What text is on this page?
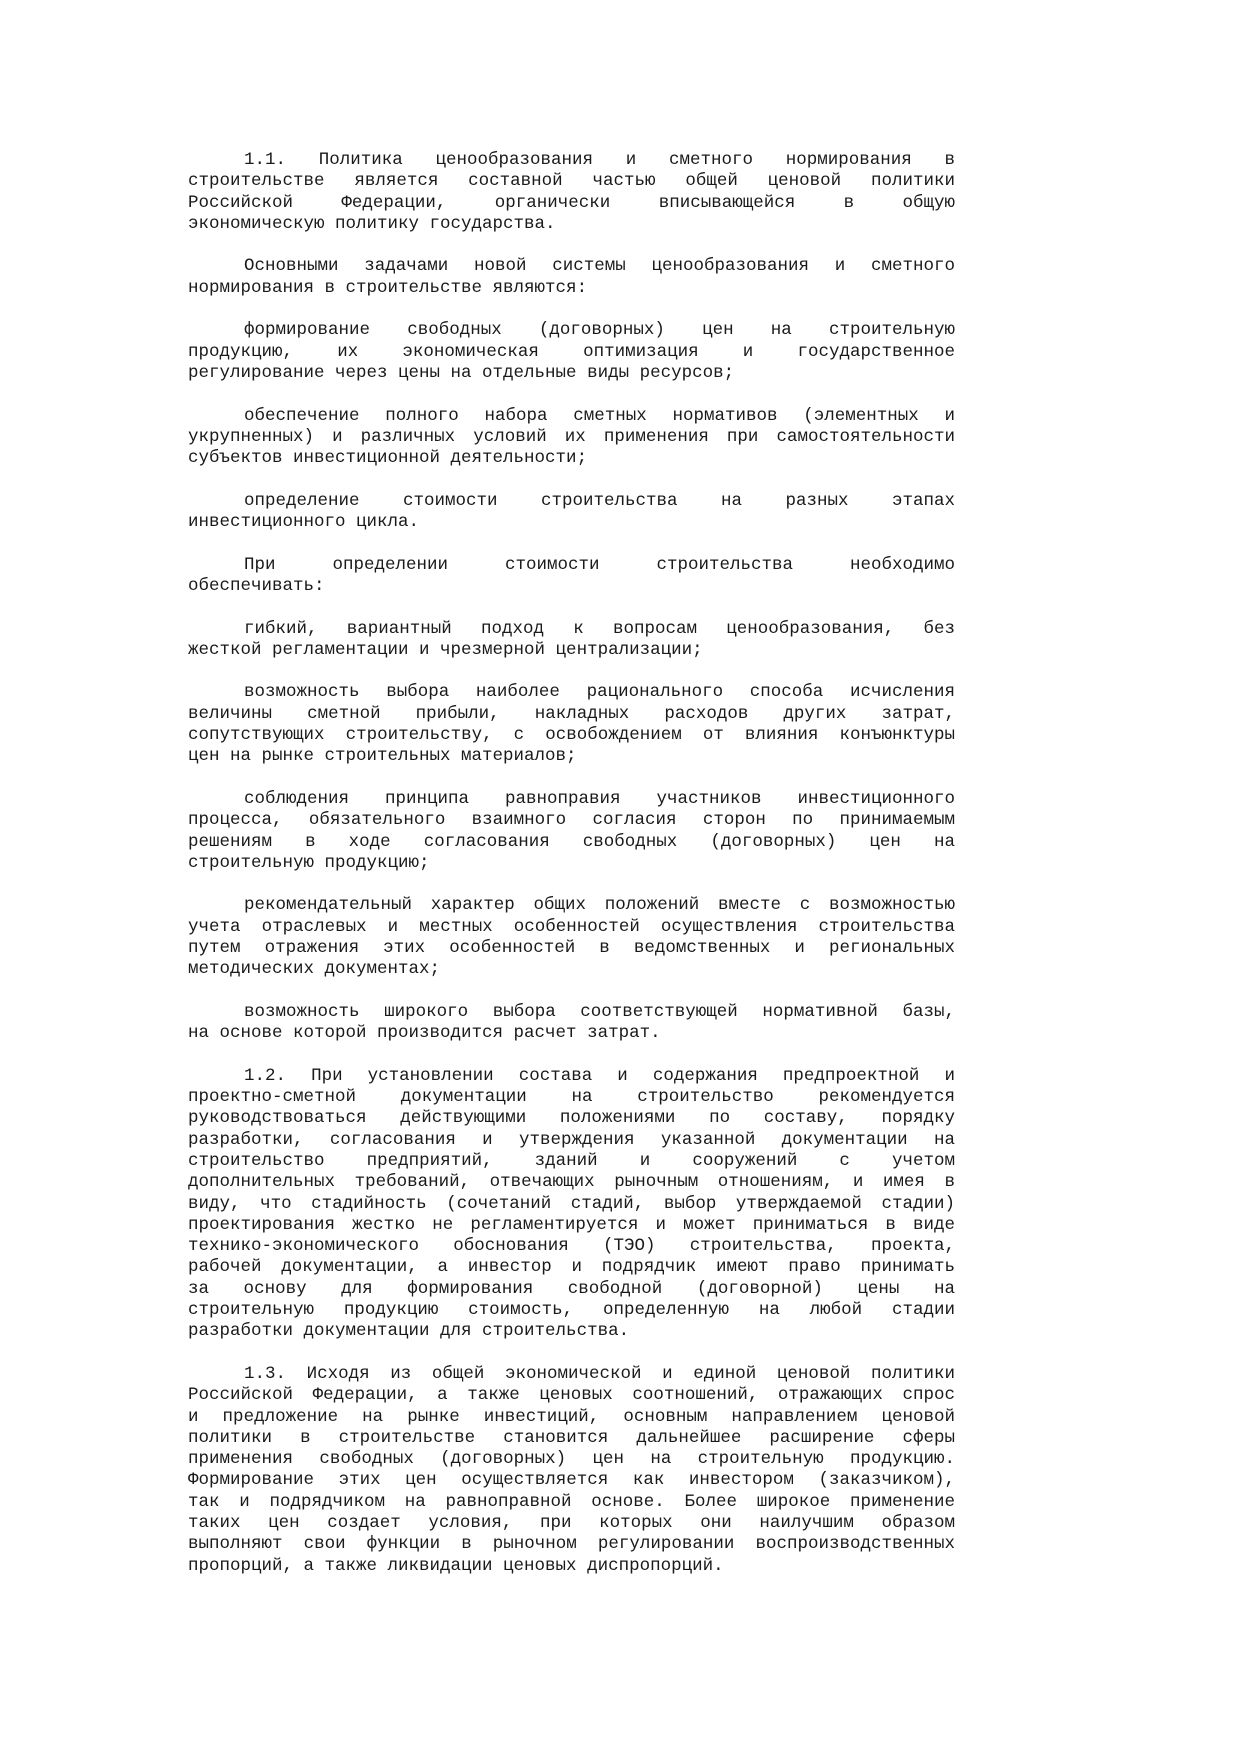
1.1. Политика ценообразования и сметного нормирования в
строительстве является составной частью общей ценовой политики
Российской Федерации, органически вписывающейся в общую
экономическую политику государства.
Основными задачами новой системы ценообразования и сметного
нормирования в строительстве являются:
формирование свободных (договорных) цен на строительную
продукцию, их экономическая оптимизация и государственное
регулирование через цены на отдельные виды ресурсов;
обеспечение полного набора сметных нормативов (элементных и
укрупненных) и различных условий их применения при самостоятельности
субъектов инвестиционной деятельности;
определение стоимости строительства на разных этапах
инвестиционного цикла.
При определении стоимости строительства необходимо
обеспечивать:
гибкий, вариантный подход к вопросам ценообразования, без
жесткой регламентации и чрезмерной централизации;
возможность выбора наиболее рационального способа исчисления
величины сметной прибыли, накладных расходов других затрат,
сопутствующих строительству, с освобождением от влияния конъюнктуры
цен на рынке строительных материалов;
соблюдения принципа равноправия участников инвестиционного
процесса, обязательного взаимного согласия сторон по принимаемым
решениям в ходе согласования свободных (договорных) цен на
строительную продукцию;
рекомендательный характер общих положений вместе с возможностью
учета отраслевых и местных особенностей осуществления строительства
путем отражения этих особенностей в ведомственных и региональных
методических документах;
возможность широкого выбора соответствующей нормативной базы,
на основе которой производится расчет затрат.
1.2. При установлении состава и содержания предпроектной и
проектно-сметной документации на строительство рекомендуется
руководствоваться действующими положениями по составу, порядку
разработки, согласования и утверждения указанной документации на
строительство предприятий, зданий и сооружений с учетом
дополнительных требований, отвечающих рыночным отношениям, и имея в
виду, что стадийность (сочетаний стадий, выбор утверждаемой стадии)
проектирования жестко не регламентируется и может приниматься в виде
технико-экономического обоснования (ТЭО) строительства, проекта,
рабочей документации, а инвестор и подрядчик имеют право принимать
за основу для формирования свободной (договорной) цены на
строительную продукцию стоимость, определенную на любой стадии
разработки документации для строительства.
1.3. Исходя из общей экономической и единой ценовой политики
Российской Федерации, а также ценовых соотношений, отражающих спрос
и предложение на рынке инвестиций, основным направлением ценовой
политики в строительстве становится дальнейшее расширение сферы
применения свободных (договорных) цен на строительную продукцию.
Формирование этих цен осуществляется как инвестором (заказчиком),
так и подрядчиком на равноправной основе. Более широкое применение
таких цен создает условия, при которых они наилучшим образом
выполняют свои функции в рыночном регулировании воспроизводственных
пропорций, а также ликвидации ценовых диспропорций.
